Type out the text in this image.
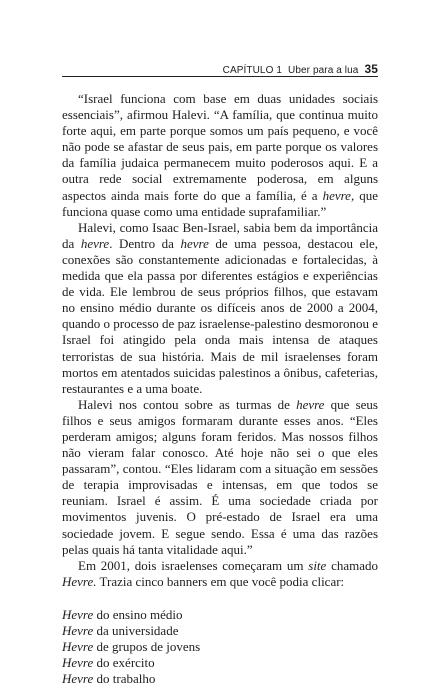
CAPÍTULO 1 Uber para a lua 35

“Israel funciona com base em duas unidades sociais essenciais”, afirmou Halevi. “A família, que continua muito forte aqui, em parte porque somos um país pequeno, e você não pode se afastar de seus pais, em parte porque os valores da família judaica permanecem muito poderosos aqui. E a outra rede social extremamente poderosa, em alguns aspectos ainda mais forte do que a família, é a hevre, que funciona quase como uma entidade suprafamiliar.”

Halevi, como Isaac Ben-Israel, sabia bem da importância da hevre. Dentro da hevre de uma pessoa, destacou ele, conexões são constantemente adicionadas e fortalecidas, à medida que ela passa por diferentes estágios e experiências de vida. Ele lembrou de seus próprios filhos, que estavam no ensino médio durante os difíceis anos de 2000 a 2004, quando o processo de paz israelense-palestino desmoronou e Israel foi atingido pela onda mais intensa de ataques terroristas de sua história. Mais de mil israelenses foram mortos em atentados suicidas palestinos a ônibus, cafeterias, restaurantes e a uma boate.

Halevi nos contou sobre as turmas de hevre que seus filhos e seus amigos formaram durante esses anos. “Eles perderam amigos; alguns foram feridos. Mas nossos filhos não vieram falar conosco. Até hoje não sei o que eles passaram”, contou. “Eles lidaram com a situação em sessões de terapia improvisadas e intensas, em que todos se reuniam. Israel é assim. É uma sociedade criada por movimentos juvenis. O pré-estado de Israel era uma sociedade jovem. E segue sendo. Essa é uma das razões pelas quais há tanta vitalidade aqui.”

Em 2001, dois israelenses começaram um site chamado Hevre. Trazia cinco banners em que você podia clicar:

Hevre do ensino médio
Hevre da universidade
Hevre de grupos de jovens
Hevre do exército
Hevre do trabalho
